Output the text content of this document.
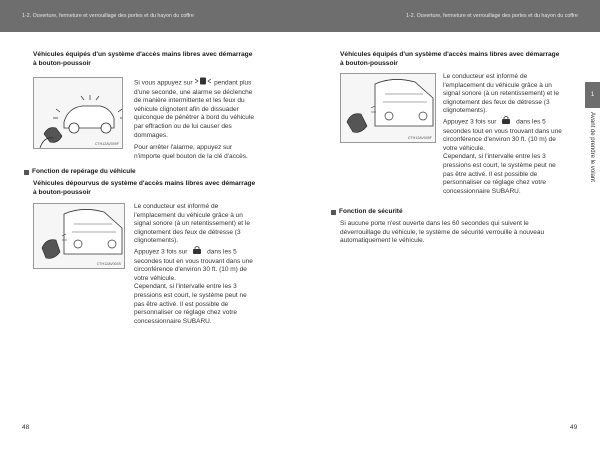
1-2. Ouverture, fermeture et verrouillage des portes et du hayon du coffre
Véhicules équipés d'un système d'accès mains libres avec démarrage
à bouton-poussoir
CTH12AV009F

Si vous appuyez sur	pendant plus

d'une seconde, une alarme se déclenche

de manière intermittente et les feux du

véhicule clignotent afin de dissuader

quiconque de pénétrer à bord du véhicule

par effraction ou de lui causer des

dommages.

Pour arrêter l'alarme, appuyez sur

n'importe quel bouton de la clé d'accès.

Fonction de repérage du véhicule
Véhicules dépourvus de système d'accès mains libres avec démarrage
à bouton-poussoir
CTH12AV004S

Le conducteur est informé de

l'emplacement du véhicule grâce à un

signal sonore (à un retentissement) et le

clignotement des feux de détresse (3

clignotements).

Appuyez 3 fois sur	dans les 5

secondes tout en vous trouvant dans une

circonférence d'environ 30 ft. (10 m) de

votre véhicule.

Cependant, si l'intervalle entre les 3

pressions est court, le système peut ne

pas être activé. Il est possible de

personnaliser ce réglage chez votre

concessionnaire SUBARU.

48
1-2. Ouverture, fermeture et verrouillage des portes et du hayon du coffre
Véhicules équipés d'un système d'accès mains libres avec démarrage
à bouton-poussoir
CTH12AV005F

Le conducteur est informé de

l'emplacement du véhicule grâce à un

signal sonore (à un retentissement) et le

clignotement des feux de détresse (3

clignotements).

Appuyez 3 fois sur	dans les 5

secondes tout en vous trouvant dans une

circonférence d'environ 30 ft. (10 m) de

votre véhicule.

Cependant, si l'intervalle entre les 3

pressions est court, le système peut ne

pas être activé. Il est possible de

personnaliser ce réglage chez votre

concessionnaire SUBARU.

Fonction de sécurité

Si aucune porte n'est ouverte dans les 60 secondes qui suivent le

déverrouillage du véhicule, le système de sécurité verrouille à nouveau

automatiquement le véhicule.

49
1
Avant de prendre le volant
